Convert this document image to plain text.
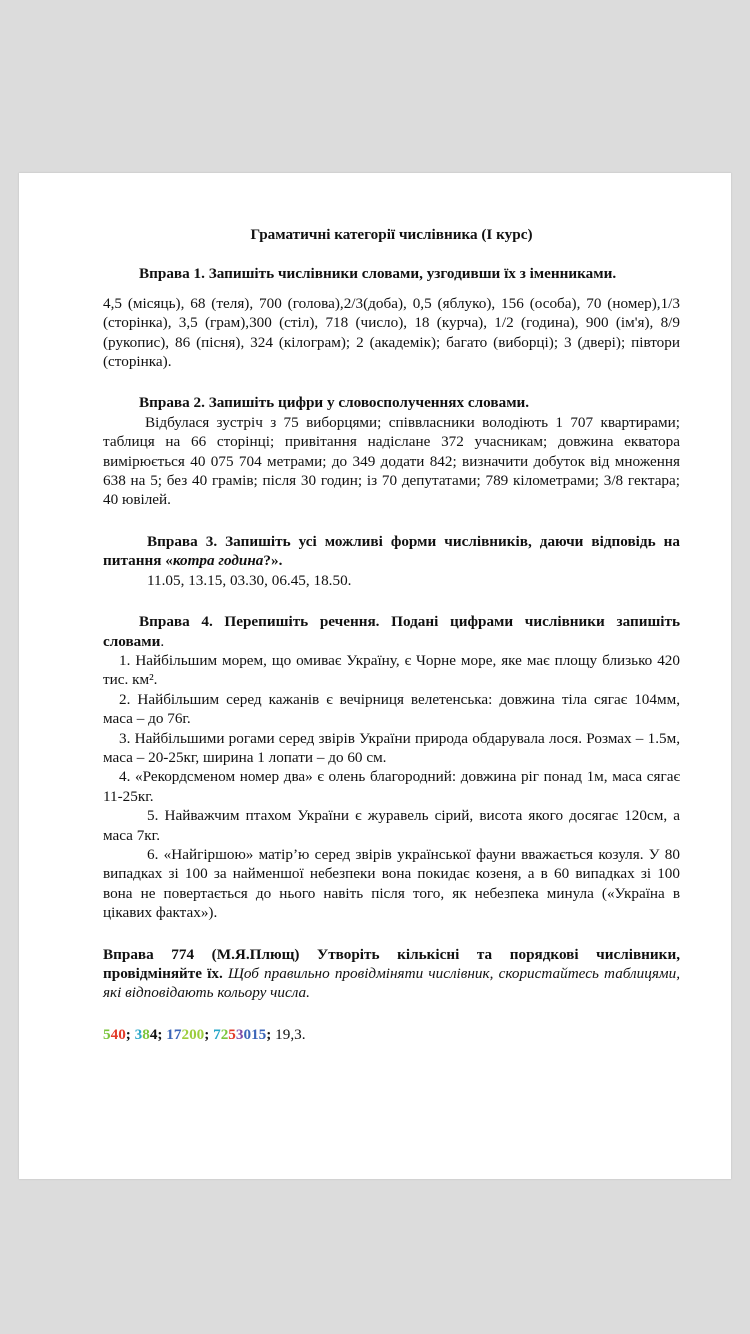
Граматичні категорії числівника (І курс)

Вправа 1. Запишіть числівники словами, узгодивши їх з іменниками.

4,5 (місяць), 68 (теля), 700 (голова),2/3(доба), 0,5 (яблуко), 156 (особа), 70 (номер),1/3 (сторінка), 3,5 (грам),300 (стіл), 718 (число), 18 (курча), 1/2 (година), 900 (ім'я), 8/9 (рукопис), 86 (пісня), 324 (кілограм); 2 (академік); багато (виборці); 3 (двері); півтори (сторінка).

Вправа 2. Запишіть цифри у словосполученнях словами.

Відбулася зустріч з 75 виборцями; співвласники володіють 1 707 квартирами; таблиця на 66 сторінці; привітання надіслане 372 учасникам; довжина екватора вимірюється 40 075 704 метрами; до 349 додати 842; визначити добуток від множення 638 на 5; без 40 грамів; після 30 годин; із 70 депутатами; 789 кілометрами; 3/8 гектара; 40 ювілей.

Вправа 3. Запишіть усі можливі форми числівників, даючи відповідь на питання «котра година?».

11.05, 13.15, 03.30, 06.45, 18.50.

Вправа 4. Перепишіть речення. Подані цифрами числівники запишіть словами.

1. Найбільшим морем, що омиває Україну, є Чорне море, яке має площу близько 420 тис. км².

2. Найбільшим серед кажанів є вечірниця велетенська: довжина тіла сягає 104мм, маса – до 76г.

3. Найбільшими рогами серед звірів України природа обдарувала лося. Розмах – 1.5м, маса – 20-25кг, ширина 1 лопати – до 60 см.

4. «Рекордсменом номер два» є олень благородний: довжина ріг понад 1м, маса сягає 11-25кг.

5. Найважчим птахом України є журавель сірий, висота якого досягає 120см, а маса 7кг.

6. «Найгіршою» матір’ю серед звірів української фауни вважається козуля. У 80 випадках зі 100 за найменшої небезпеки вона покидає козеня, а в 60 випадках зі 100 вона не повертається до нього навіть після того, як небезпека минула («Україна в цікавих фактах»).

Вправа 774 (М.Я.Плющ) Утворіть кількісні та порядкові числівники, провідміняйте їх. Щоб правильно провідміняти числівник, скористайтесь таблицями, які відповідають кольору числа.

540; 384; 17200; 7253015; 19,3.
